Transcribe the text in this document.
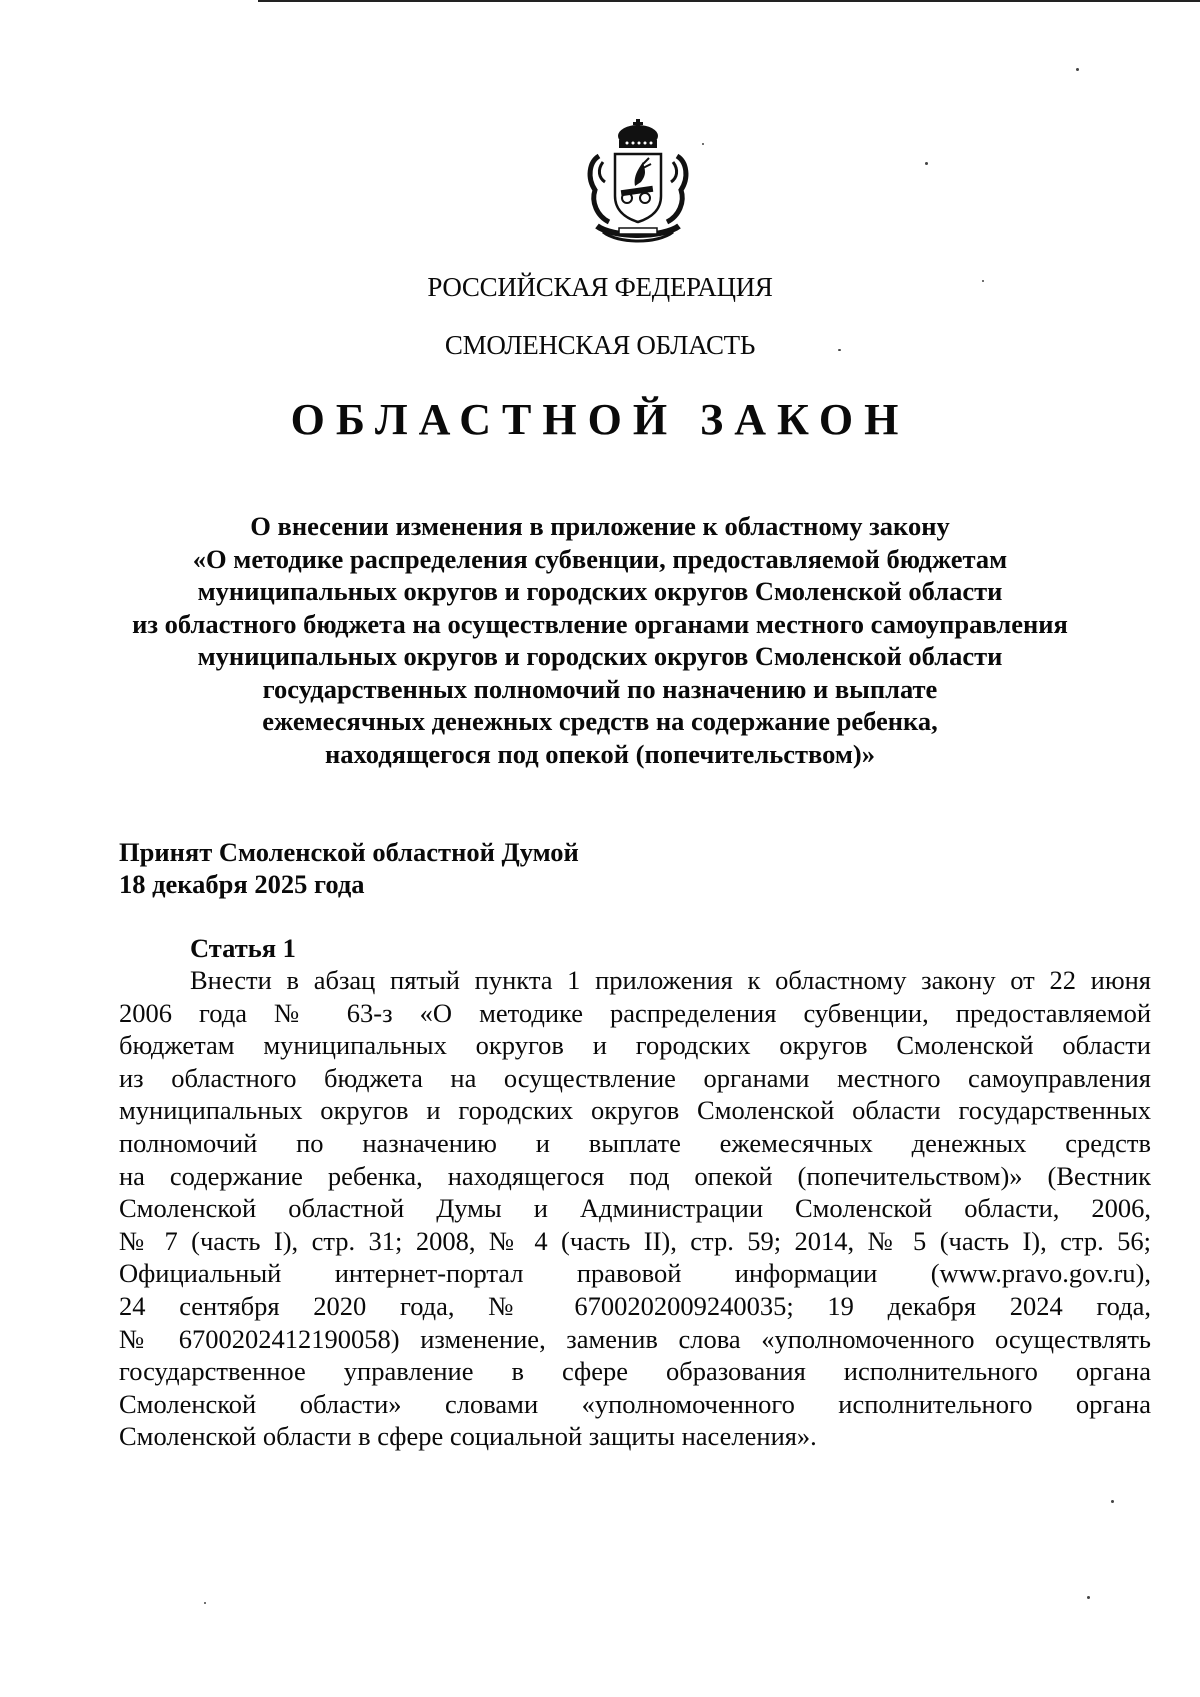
РОССИЙСКАЯ ФЕДЕРАЦИЯ
СМОЛЕНСКАЯ ОБЛАСТЬ
ОБЛАСТНОЙ ЗАКОН
О внесении изменения в приложение к областному закону
«О методике распределения субвенции, предоставляемой бюджетам
муниципальных округов и городских округов Смоленской области
из областного бюджета на осуществление органами местного самоуправления
муниципальных округов и городских округов Смоленской области
государственных полномочий по назначению и выплате
ежемесячных денежных средств на содержание ребенка,
находящегося под опекой (попечительством)»
Принят Смоленской областной Думой
18 декабря 2025 года
Статья 1
Внести в абзац пятый пункта 1 приложения к областному закону от 22 июня
2006 года № 63-з «О методике распределения субвенции, предоставляемой
бюджетам муниципальных округов и городских округов Смоленской области
из областного бюджета на осуществление органами местного самоуправления
муниципальных округов и городских округов Смоленской области государственных
полномочий по назначению и выплате ежемесячных денежных средств
на содержание ребенка, находящегося под опекой (попечительством)» (Вестник
Смоленской областной Думы и Администрации Смоленской области, 2006,
№ 7 (часть I), стр. 31; 2008, № 4 (часть II), стр. 59; 2014, № 5 (часть I), стр. 56;
Официальный интернет-портал правовой информации (www.pravo.gov.ru),
24 сентября 2020 года, № 6700202009240035; 19 декабря 2024 года,
№ 6700202412190058) изменение, заменив слова «уполномоченного осуществлять
государственное управление в сфере образования исполнительного органа
Смоленской области» словами «уполномоченного исполнительного органа
Смоленской области в сфере социальной защиты населения».
